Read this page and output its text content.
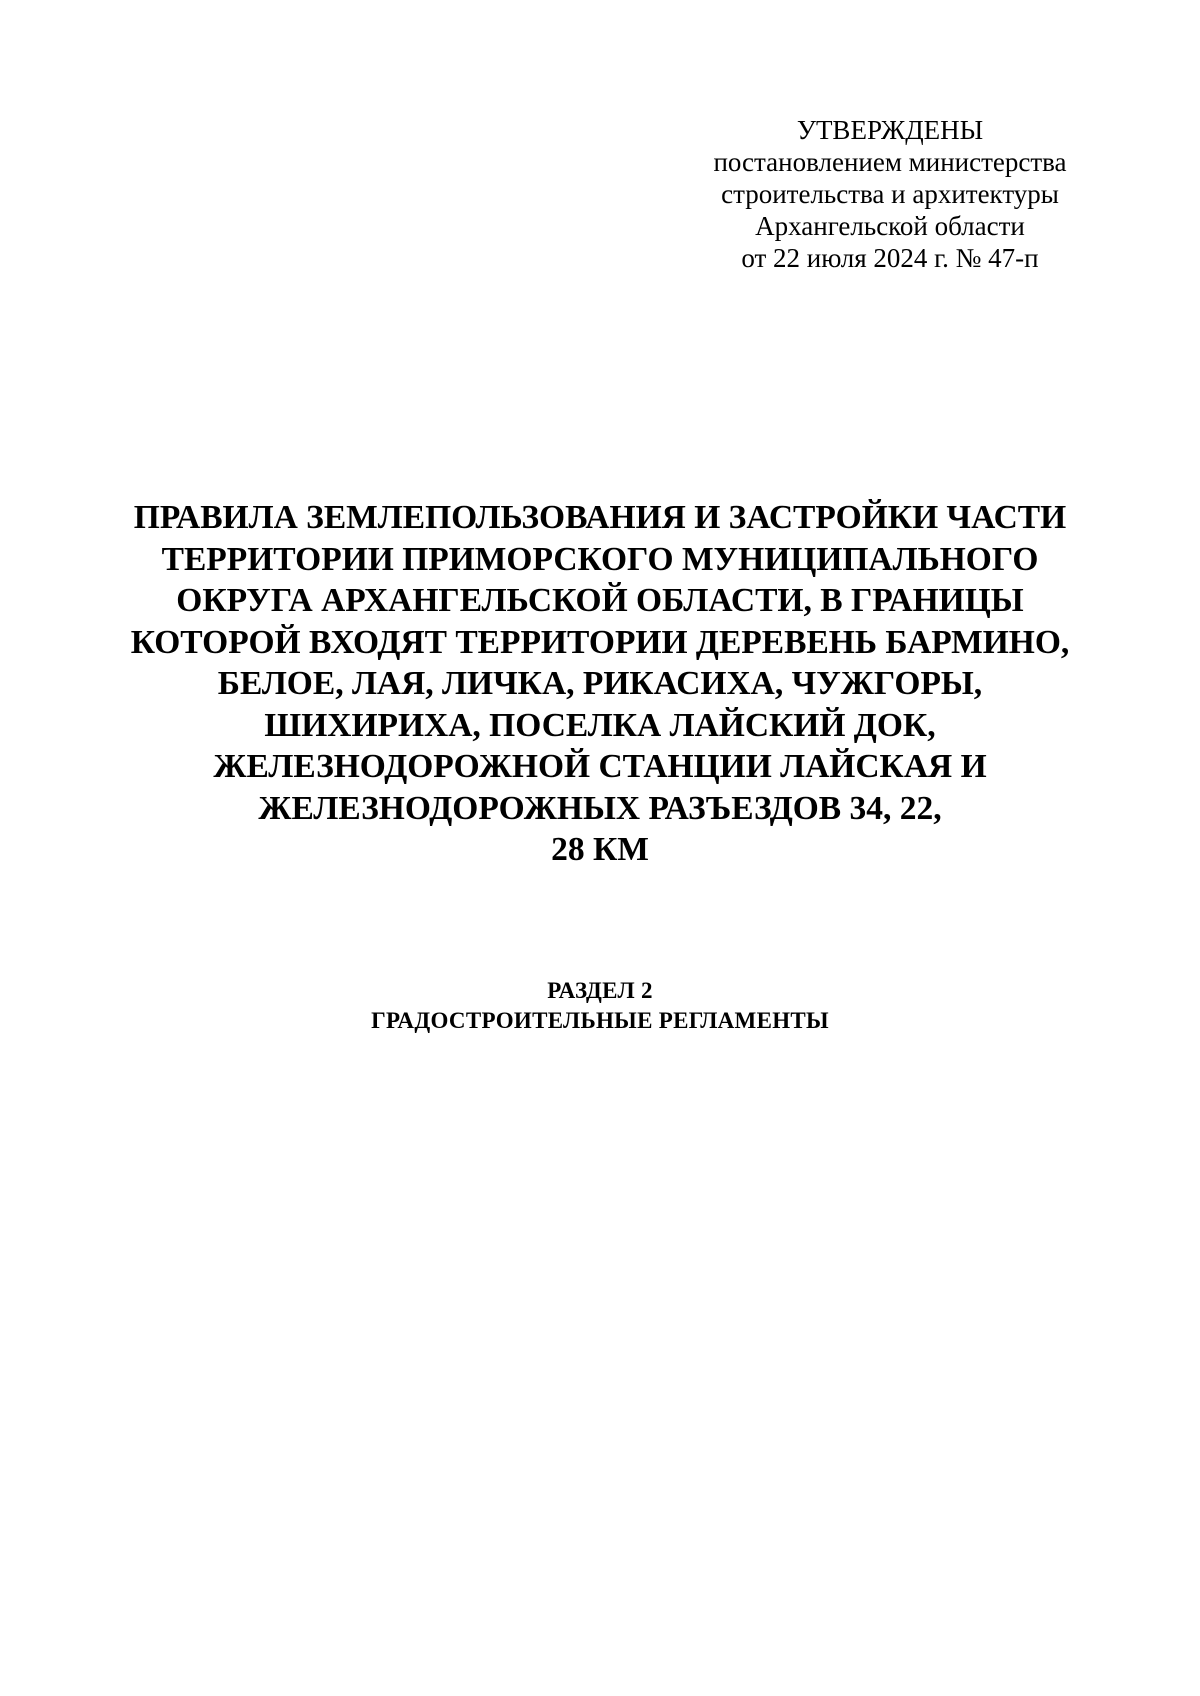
УТВЕРЖДЕНЫ
постановлением министерства
строительства и архитектуры
Архангельской области
от 22 июля 2024 г. № 47-п
ПРАВИЛА ЗЕМЛЕПОЛЬЗОВАНИЯ И ЗАСТРОЙКИ ЧАСТИ
ТЕРРИТОРИИ ПРИМОРСКОГО МУНИЦИПАЛЬНОГО
ОКРУГА АРХАНГЕЛЬСКОЙ ОБЛАСТИ, В ГРАНИЦЫ
КОТОРОЙ ВХОДЯТ ТЕРРИТОРИИ ДЕРЕВЕНЬ БАРМИНО,
БЕЛОЕ, ЛАЯ, ЛИЧКА, РИКАСИХА, ЧУЖГОРЫ,
ШИХИРИХА, ПОСЕЛКА ЛАЙСКИЙ ДОК,
ЖЕЛЕЗНОДОРОЖНОЙ СТАНЦИИ ЛАЙСКАЯ И
ЖЕЛЕЗНОДОРОЖНЫХ РАЗЪЕЗДОВ 34, 22,
28 КМ
РАЗДЕЛ 2
ГРАДОСТРОИТЕЛЬНЫЕ РЕГЛАМЕНТЫ
